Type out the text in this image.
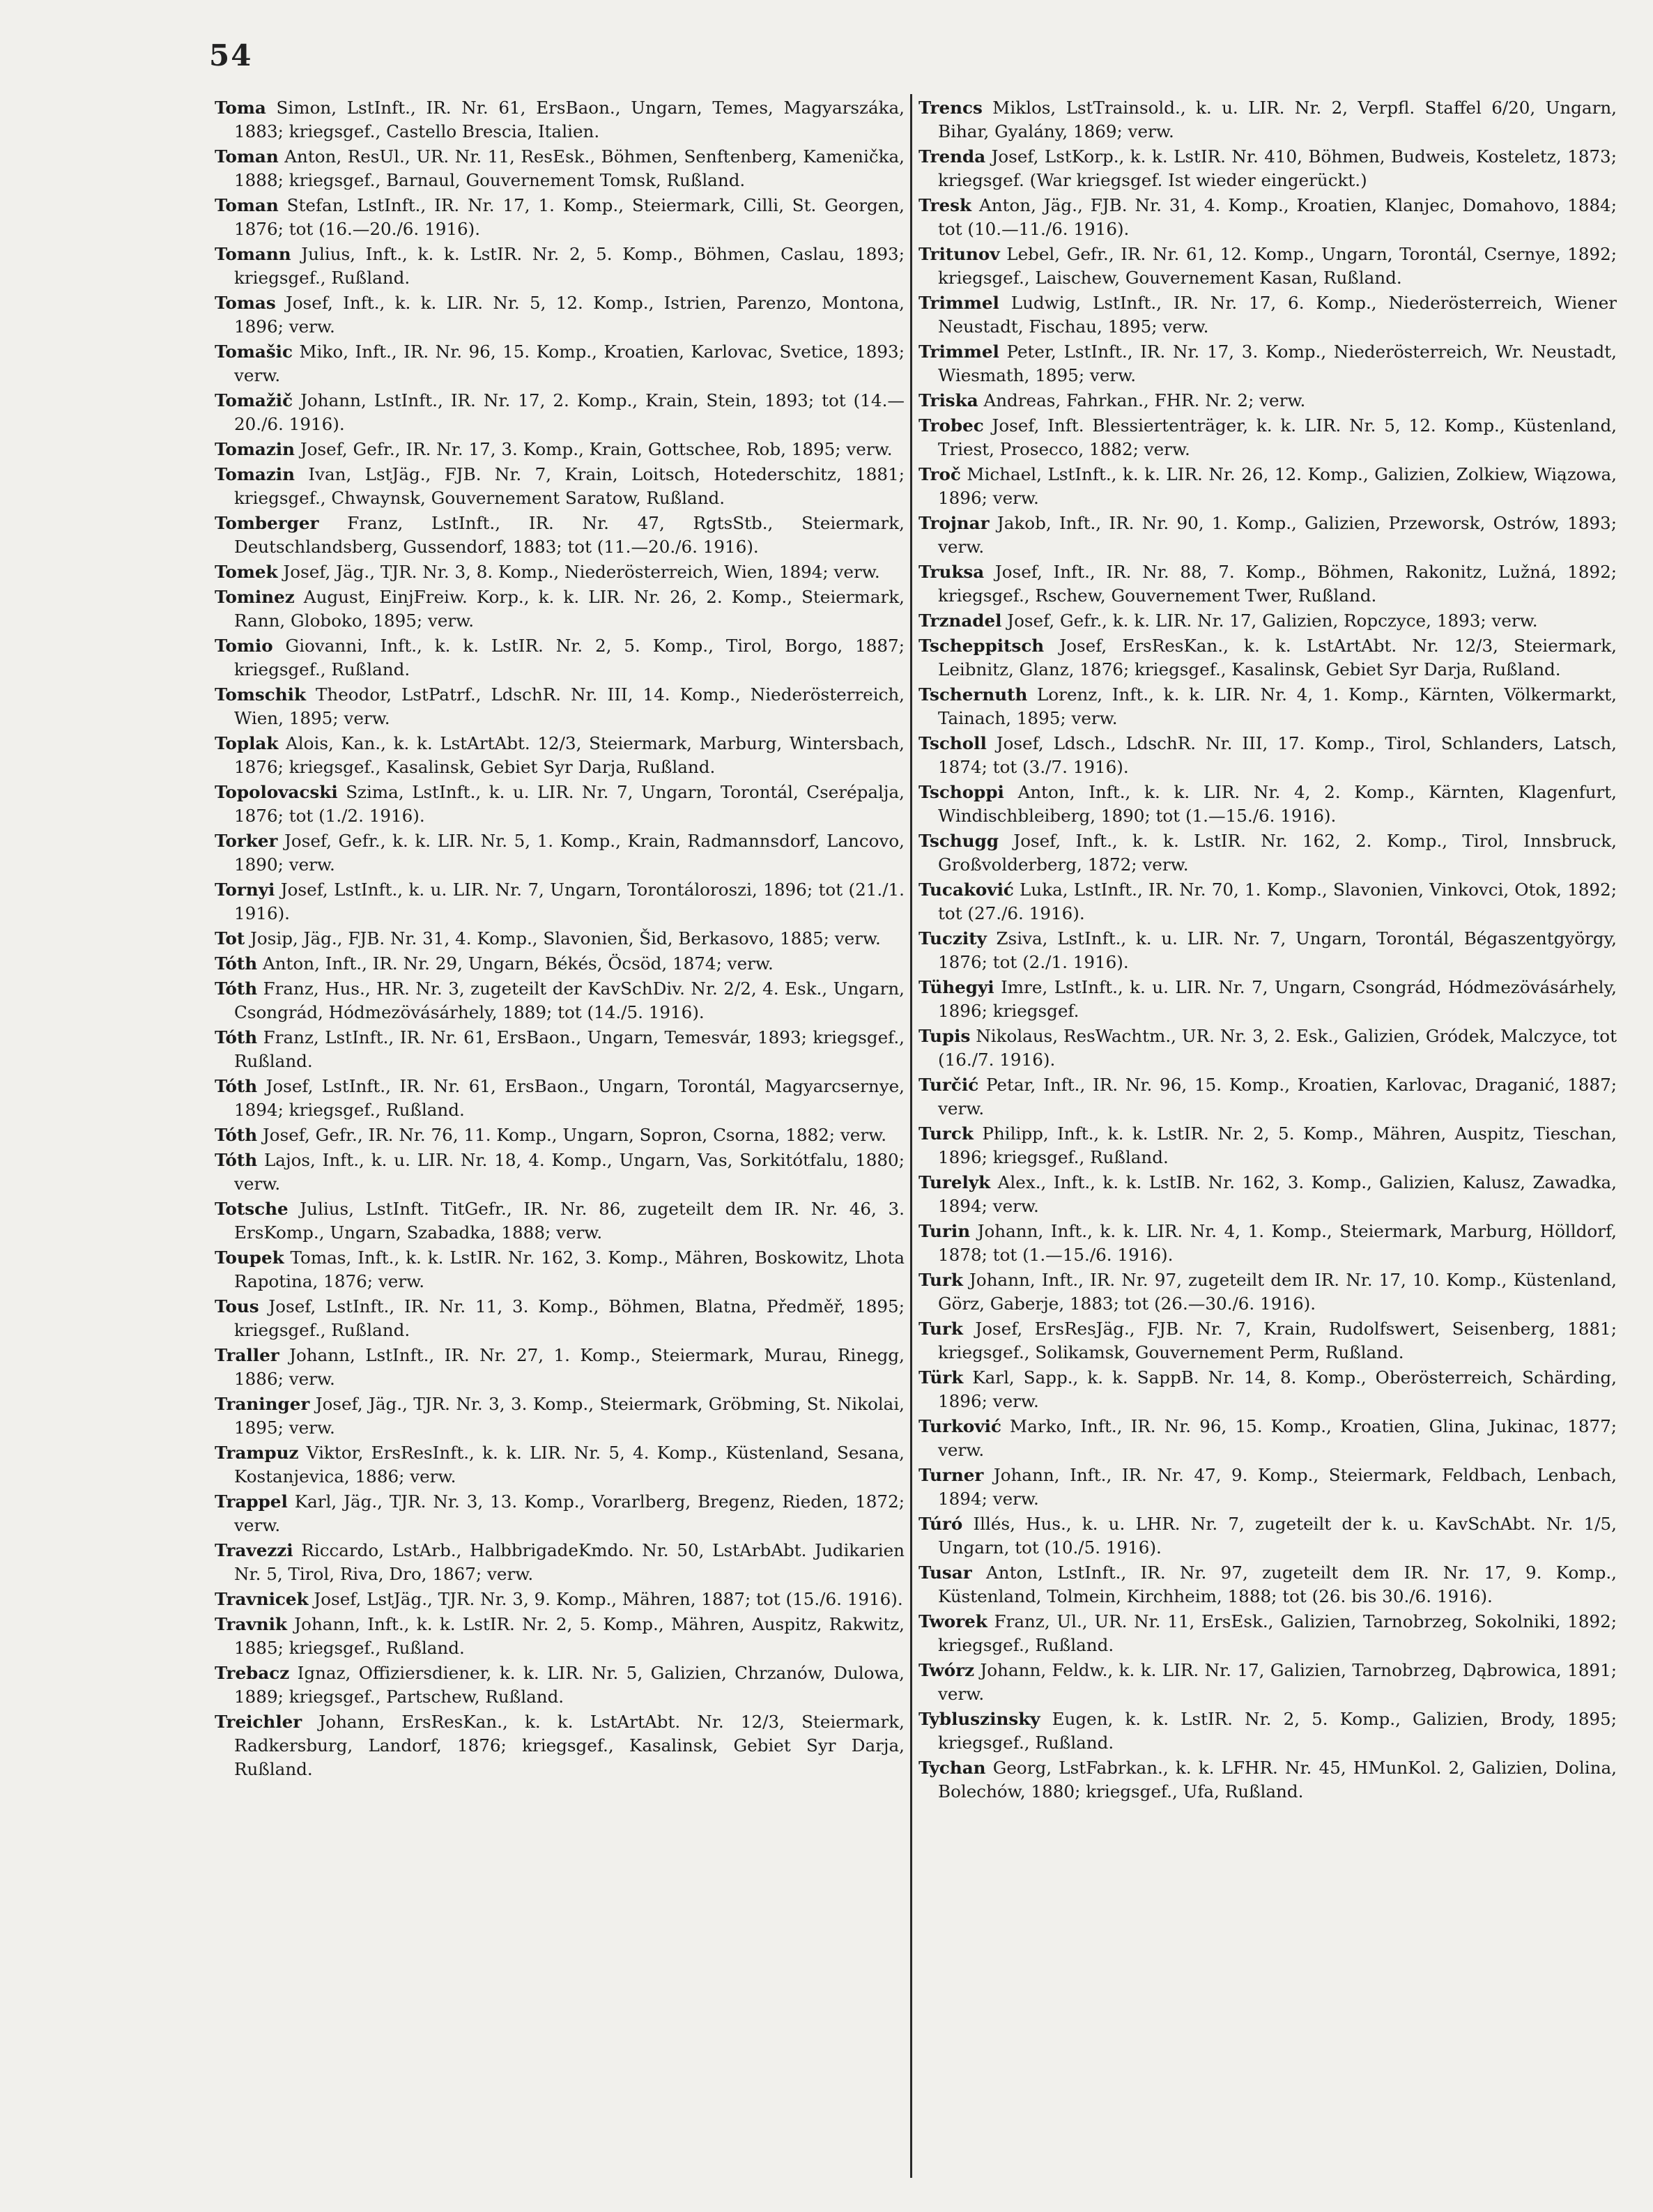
54

Toma Simon, LstInft., IR. Nr. 61, ErsBaon., Ungarn, Temes, Magyarszáka, 1883; kriegsgef., Castello Brescia, Italien.

Toman Anton, ResUl., UR. Nr. 11, ResEsk., Böhmen, Senftenberg, Kamenička, 1888; kriegsgef., Barnaul, Gouvernement Tomsk, Rußland.

Toman Stefan, LstInft., IR. Nr. 17, 1. Komp., Steiermark, Cilli, St. Georgen, 1876; tot (16.—20./6. 1916).

Tomann Julius, Inft., k. k. LstIR. Nr. 2, 5. Komp., Böhmen, Caslau, 1893; kriegsgef., Rußland.

Tomas Josef, Inft., k. k. LIR. Nr. 5, 12. Komp., Istrien, Parenzo, Montona, 1896; verw.

Tomašic Miko, Inft., IR. Nr. 96, 15. Komp., Kroatien, Karlovac, Svetice, 1893; verw.

Tomažič Johann, LstInft., IR. Nr. 17, 2. Komp., Krain, Stein, 1893; tot (14.—20./6. 1916).

Tomazin Josef, Gefr., IR. Nr. 17, 3. Komp., Krain, Gottschee, Rob, 1895; verw.

Tomazin Ivan, LstJäg., FJB. Nr. 7, Krain, Loitsch, Hotederschitz, 1881; kriegsgef., Chwaynsk, Gouvernement Saratow, Rußland.

Tomberger Franz, LstInft., IR. Nr. 47, RgtsStb., Steiermark, Deutschlandsberg, Gussendorf, 1883; tot (11.—20./6. 1916).

Tomek Josef, Jäg., TJR. Nr. 3, 8. Komp., Niederösterreich, Wien, 1894; verw.

Tominez August, EinjFreiw. Korp., k. k. LIR. Nr. 26, 2. Komp., Steiermark, Rann, Globoko, 1895; verw.

Tomio Giovanni, Inft., k. k. LstIR. Nr. 2, 5. Komp., Tirol, Borgo, 1887; kriegsgef., Rußland.

Tomschik Theodor, LstPatrf., LdschR. Nr. III, 14. Komp., Niederösterreich, Wien, 1895; verw.

Toplak Alois, Kan., k. k. LstArtAbt. 12/3, Steiermark, Marburg, Wintersbach, 1876; kriegsgef., Kasalinsk, Gebiet Syr Darja, Rußland.

Topolovacski Szima, LstInft., k. u. LIR. Nr. 7, Ungarn, Torontál, Cserépalja, 1876; tot (1./2. 1916).

Torker Josef, Gefr., k. k. LIR. Nr. 5, 1. Komp., Krain, Radmannsdorf, Lancovo, 1890; verw.

Tornyi Josef, LstInft., k. u. LIR. Nr. 7, Ungarn, Torontáloroszi, 1896; tot (21./1. 1916).

Tot Josip, Jäg., FJB. Nr. 31, 4. Komp., Slavonien, Šid, Berkasovo, 1885; verw.

Tóth Anton, Inft., IR. Nr. 29, Ungarn, Békés, Öcsöd, 1874; verw.

Tóth Franz, Hus., HR. Nr. 3, zugeteilt der KavSchDiv. Nr. 2/2, 4. Esk., Ungarn, Csongrád, Hódmezövásárhely, 1889; tot (14./5. 1916).

Tóth Franz, LstInft., IR. Nr. 61, ErsBaon., Ungarn, Temesvár, 1893; kriegsgef., Rußland.

Tóth Josef, LstInft., IR. Nr. 61, ErsBaon., Ungarn, Torontál, Magyarcsernye, 1894; kriegsgef., Rußland.

Tóth Josef, Gefr., IR. Nr. 76, 11. Komp., Ungarn, Sopron, Csorna, 1882; verw.

Tóth Lajos, Inft., k. u. LIR. Nr. 18, 4. Komp., Ungarn, Vas, Sorkitótfalu, 1880; verw.

Totsche Julius, LstInft. TitGefr., IR. Nr. 86, zugeteilt dem IR. Nr. 46, 3. ErsKomp., Ungarn, Szabadka, 1888; verw.

Toupek Tomas, Inft., k. k. LstIR. Nr. 162, 3. Komp., Mähren, Boskowitz, Lhota Rapotina, 1876; verw.

Tous Josef, LstInft., IR. Nr. 11, 3. Komp., Böhmen, Blatna, Předměř, 1895; kriegsgef., Rußland.

Traller Johann, LstInft., IR. Nr. 27, 1. Komp., Steiermark, Murau, Rinegg, 1886; verw.

Traninger Josef, Jäg., TJR. Nr. 3, 3. Komp., Steiermark, Gröbming, St. Nikolai, 1895; verw.

Trampuz Viktor, ErsResInft., k. k. LIR. Nr. 5, 4. Komp., Küstenland, Sesana, Kostanjevica, 1886; verw.

Trappel Karl, Jäg., TJR. Nr. 3, 13. Komp., Vorarlberg, Bregenz, Rieden, 1872; verw.

Travezzi Riccardo, LstArb., HalbbrigadeKmdo. Nr. 50, LstArbAbt. Judikarien Nr. 5, Tirol, Riva, Dro, 1867; verw.

Travnicek Josef, LstJäg., TJR. Nr. 3, 9. Komp., Mähren, 1887; tot (15./6. 1916).

Travnik Johann, Inft., k. k. LstIR. Nr. 2, 5. Komp., Mähren, Auspitz, Rakwitz, 1885; kriegsgef., Rußland.

Trebacz Ignaz, Offiziersdiener, k. k. LIR. Nr. 5, Galizien, Chrzanów, Dulowa, 1889; kriegsgef., Partschew, Rußland.

Treichler Johann, ErsResKan., k. k. LstArtAbt. Nr. 12/3, Steiermark, Radkersburg, Landorf, 1876; kriegsgef., Kasalinsk, Gebiet Syr Darja, Rußland.

Trencs Miklos, LstTrainsold., k. u. LIR. Nr. 2, Verpfl. Staffel 6/20, Ungarn, Bihar, Gyalány, 1869; verw.

Trenda Josef, LstKorp., k. k. LstIR. Nr. 410, Böhmen, Budweis, Kosteletz, 1873; kriegsgef. (War kriegsgef. Ist wieder eingerückt.)

Tresk Anton, Jäg., FJB. Nr. 31, 4. Komp., Kroatien, Klanjec, Domahovo, 1884; tot (10.—11./6. 1916).

Tritunov Lebel, Gefr., IR. Nr. 61, 12. Komp., Ungarn, Torontál, Csernye, 1892; kriegsgef., Laischew, Gouvernement Kasan, Rußland.

Trimmel Ludwig, LstInft., IR. Nr. 17, 6. Komp., Niederösterreich, Wiener Neustadt, Fischau, 1895; verw.

Trimmel Peter, LstInft., IR. Nr. 17, 3. Komp., Niederösterreich, Wr. Neustadt, Wiesmath, 1895; verw.

Triska Andreas, Fahrkan., FHR. Nr. 2; verw.

Trobec Josef, Inft. Blessiertenträger, k. k. LIR. Nr. 5, 12. Komp., Küstenland, Triest, Prosecco, 1882; verw.

Troč Michael, LstInft., k. k. LIR. Nr. 26, 12. Komp., Galizien, Zolkiew, Wiązowa, 1896; verw.

Trojnar Jakob, Inft., IR. Nr. 90, 1. Komp., Galizien, Przeworsk, Ostrów, 1893; verw.

Truksa Josef, Inft., IR. Nr. 88, 7. Komp., Böhmen, Rakonitz, Lužná, 1892; kriegsgef., Rschew, Gouvernement Twer, Rußland.

Trznadel Josef, Gefr., k. k. LIR. Nr. 17, Galizien, Ropczyce, 1893; verw.

Tscheppitsch Josef, ErsResKan., k. k. LstArtAbt. Nr. 12/3, Steiermark, Leibnitz, Glanz, 1876; kriegsgef., Kasalinsk, Gebiet Syr Darja, Rußland.

Tschernuth Lorenz, Inft., k. k. LIR. Nr. 4, 1. Komp., Kärnten, Völkermarkt, Tainach, 1895; verw.

Tscholl Josef, Ldsch., LdschR. Nr. III, 17. Komp., Tirol, Schlanders, Latsch, 1874; tot (3./7. 1916).

Tschoppi Anton, Inft., k. k. LIR. Nr. 4, 2. Komp., Kärnten, Klagenfurt, Windischbleiberg, 1890; tot (1.—15./6. 1916).

Tschugg Josef, Inft., k. k. LstIR. Nr. 162, 2. Komp., Tirol, Innsbruck, Großvolderberg, 1872; verw.

Tucaković Luka, LstInft., IR. Nr. 70, 1. Komp., Slavonien, Vinkovci, Otok, 1892; tot (27./6. 1916).

Tuczity Zsiva, LstInft., k. u. LIR. Nr. 7, Ungarn, Torontál, Bégaszentgyörgy, 1876; tot (2./1. 1916).

Tühegyi Imre, LstInft., k. u. LIR. Nr. 7, Ungarn, Csongrád, Hódmezövásárhely, 1896; kriegsgef.

Tupis Nikolaus, ResWachtm., UR. Nr. 3, 2. Esk., Galizien, Gródek, Malczyce, tot (16./7. 1916).

Turčić Petar, Inft., IR. Nr. 96, 15. Komp., Kroatien, Karlovac, Draganić, 1887; verw.

Turck Philipp, Inft., k. k. LstIR. Nr. 2, 5. Komp., Mähren, Auspitz, Tieschan, 1896; kriegsgef., Rußland.

Turelyk Alex., Inft., k. k. LstIB. Nr. 162, 3. Komp., Galizien, Kalusz, Zawadka, 1894; verw.

Turin Johann, Inft., k. k. LIR. Nr. 4, 1. Komp., Steiermark, Marburg, Hölldorf, 1878; tot (1.—15./6. 1916).

Turk Johann, Inft., IR. Nr. 97, zugeteilt dem IR. Nr. 17, 10. Komp., Küstenland, Görz, Gaberje, 1883; tot (26.—30./6. 1916).

Turk Josef, ErsResJäg., FJB. Nr. 7, Krain, Rudolfswert, Seisenberg, 1881; kriegsgef., Solikamsk, Gouvernement Perm, Rußland.

Türk Karl, Sapp., k. k. SappB. Nr. 14, 8. Komp., Oberösterreich, Schärding, 1896; verw.

Turković Marko, Inft., IR. Nr. 96, 15. Komp., Kroatien, Glina, Jukinac, 1877; verw.

Turner Johann, Inft., IR. Nr. 47, 9. Komp., Steiermark, Feldbach, Lenbach, 1894; verw.

Túró Illés, Hus., k. u. LHR. Nr. 7, zugeteilt der k. u. KavSchAbt. Nr. 1/5, Ungarn, tot (10./5. 1916).

Tusar Anton, LstInft., IR. Nr. 97, zugeteilt dem IR. Nr. 17, 9. Komp., Küstenland, Tolmein, Kirchheim, 1888; tot (26. bis 30./6. 1916).

Tworek Franz, Ul., UR. Nr. 11, ErsEsk., Galizien, Tarnobrzeg, Sokolniki, 1892; kriegsgef., Rußland.

Twórz Johann, Feldw., k. k. LIR. Nr. 17, Galizien, Tarnobrzeg, Dąbrowica, 1891; verw.

Tybluszinsky Eugen, k. k. LstIR. Nr. 2, 5. Komp., Galizien, Brody, 1895; kriegsgef., Rußland.

Tychan Georg, LstFabrkan., k. k. LFHR. Nr. 45, HMunKol. 2, Galizien, Dolina, Bolechów, 1880; kriegsgef., Ufa, Rußland.
